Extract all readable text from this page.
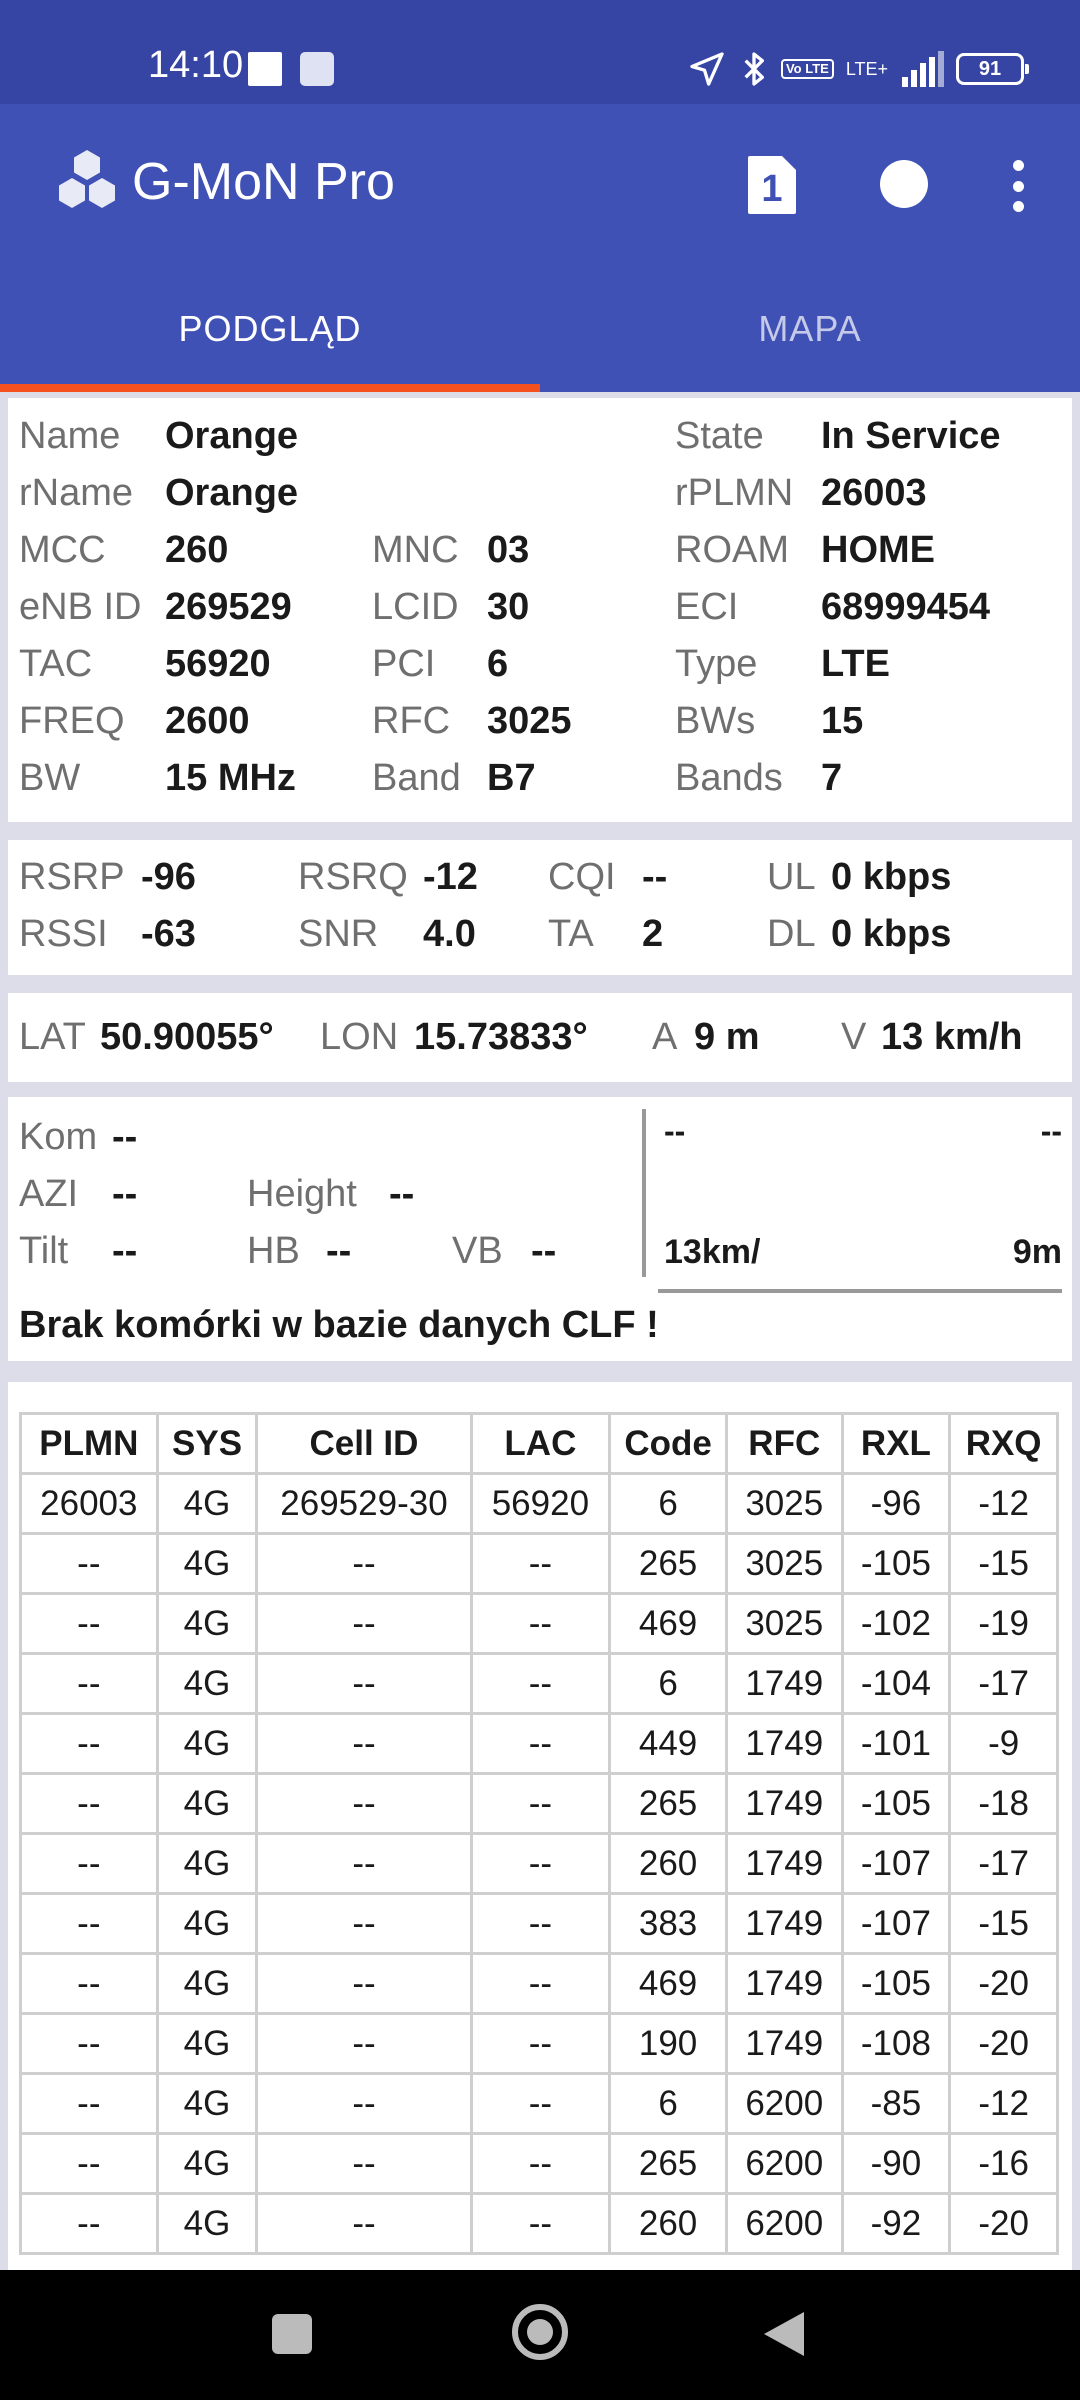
14:10	Vo LTE LTE+	91
G-MoN Pro	1
PODGLĄD	MAPA
Name Orange	State In Service
rName Orange	rPLMN 26003
MCC 260	MNC 03	ROAM HOME
eNB ID 269529 LCID 30	ECI 68999454
TAC 56920	PCI 6	Type LTE
FREQ 2600	RFC 3025	BWs 15
BW 15 MHz Band B7	Bands 7
RSRP -96	RSRQ -12 CQI --	UL 0 kbps
RSSI -63	SNR 4.0 TA 2	DL 0 kbps
LAT 50.90055° LON 15.73833° A 9 m V 13 km/h
Kom --
AZI --	Height --
Tilt --	HB --	VB --
--	--
13km/	9m
Brak komórki w bazie danych CLF !
PLMN	SYS	Cell ID	LAC	Code	RFC	RXL	RXQ
26003	4G	269529-30	56920	6	3025	-96	-12
--	4G	--	--	265	3025	-105	-15
--	4G	--	--	469	3025	-102	-19
--	4G	--	--	6	1749	-104	-17
--	4G	--	--	449	1749	-101	-9
--	4G	--	--	265	1749	-105	-18
--	4G	--	--	260	1749	-107	-17
--	4G	--	--	383	1749	-107	-15
--	4G	--	--	469	1749	-105	-20
--	4G	--	--	190	1749	-108	-20
--	4G	--	--	6	6200	-85	-12
--	4G	--	--	265	6200	-90	-16
--	4G	--	--	260	6200	-92	-20
